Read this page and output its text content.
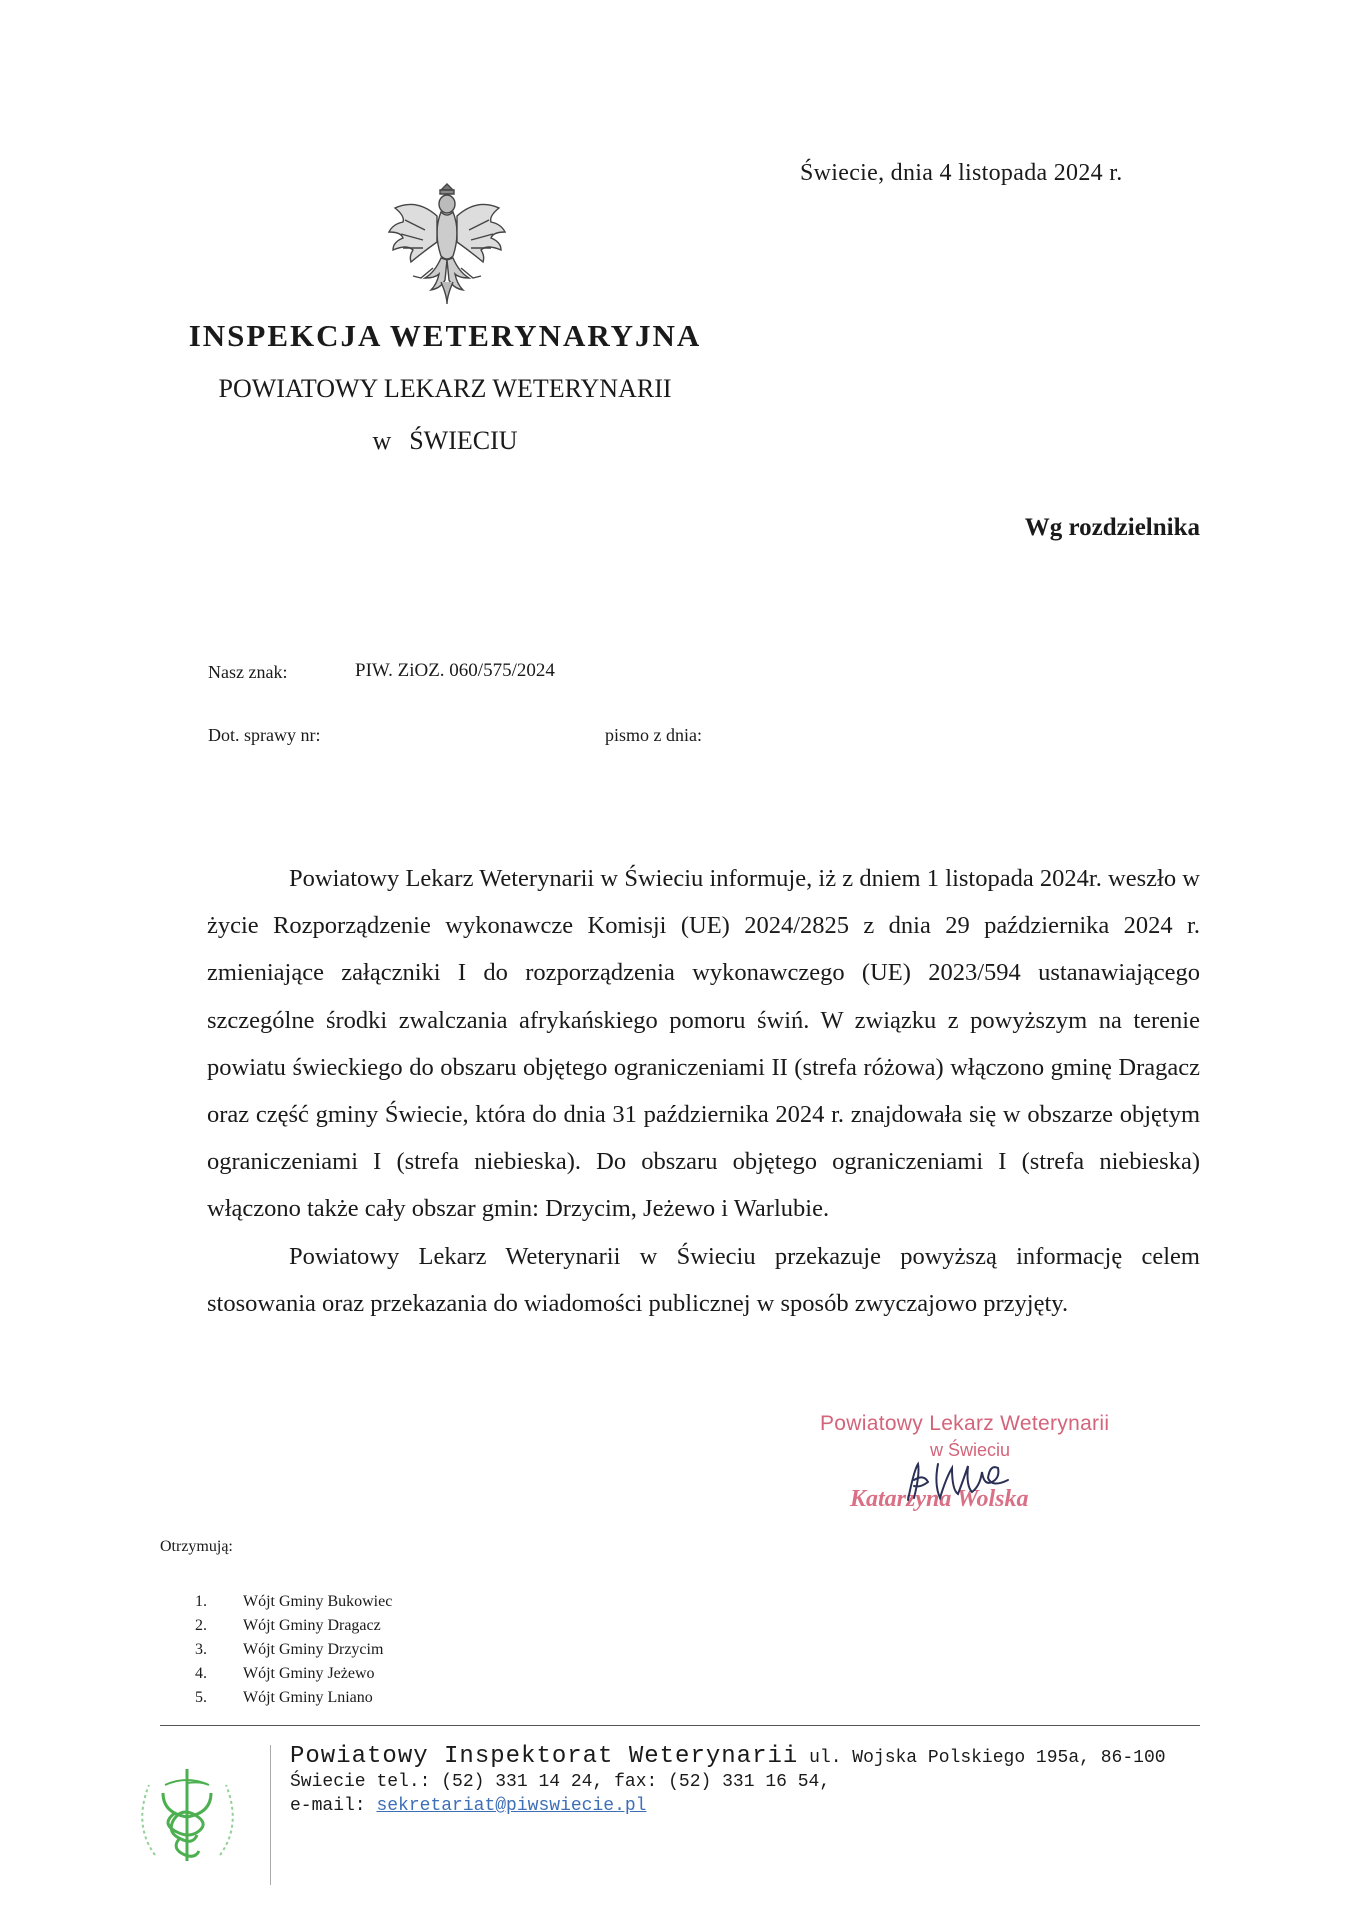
Świecie, dnia 4 listopada 2024 r.
INSPEKCJA WETERYNARYJNA
POWIATOWY LEKARZ WETERYNARII
w ŚWIECIU
Wg rozdzielnika
Nasz znak:	PIW. ZiOZ. 060/575/2024
Dot. sprawy nr:	pismo z dnia:

Powiatowy Lekarz Weterynarii w Świeciu informuje, iż z dniem 1 listopada 2024r. weszło w życie Rozporządzenie wykonawcze Komisji (UE) 2024/2825 z dnia 29 października 2024 r. zmieniające załączniki I do rozporządzenia wykonawczego (UE) 2023/594 ustanawiającego szczególne środki zwalczania afrykańskiego pomoru świń. W związku z powyższym na terenie powiatu świeckiego do obszaru objętego ograniczeniami II (strefa różowa) włączono gminę Dragacz oraz część gminy Świecie, która do dnia 31 października 2024 r. znajdowała się w obszarze objętym ograniczeniami I (strefa niebieska). Do obszaru objętego ograniczeniami I (strefa niebieska) włączono także cały obszar gmin: Drzycim, Jeżewo i Warlubie.

Powiatowy Lekarz Weterynarii w Świeciu przekazuje powyższą informację celem stosowania oraz przekazania do wiadomości publicznej w sposób zwyczajowo przyjęty.

Powiatowy Lekarz Weterynarii
w Świeciu
Katarzyna Wolska
Otrzymują:
1.	Wójt Gminy Bukowiec
2.	Wójt Gminy Dragacz
3.	Wójt Gminy Drzycim
4.	Wójt Gminy Jeżewo
5.	Wójt Gminy Lniano
Powiatowy Inspektorat Weterynarii ul. Wojska Polskiego 195a, 86-100
Świecie tel.: (52) 331 14 24, fax: (52) 331 16 54,
e-mail: sekretariat@piwswiecie.pl
